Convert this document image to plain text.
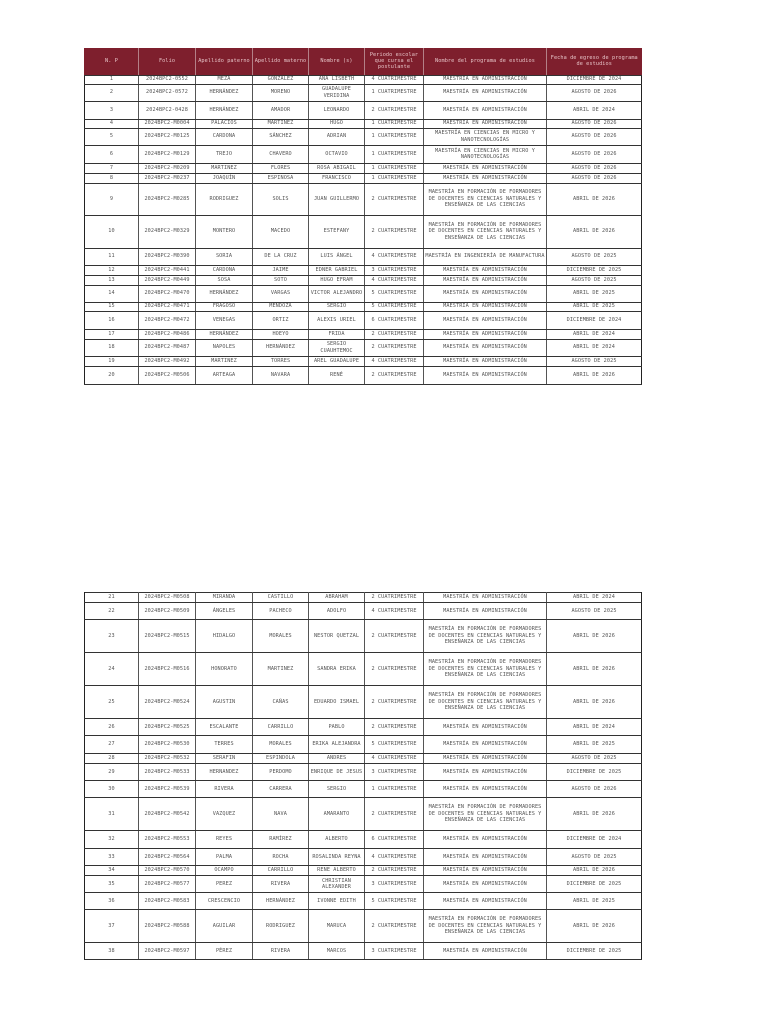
N. P	Folio	Apellido paterno	Apellido materno	Nombre (s)	Periodo escolar que cursa el postulante	Nombre del programa de estudios	Fecha de egreso de programa de estudios
1	2024BPC2-0552	MEZA	GONZALEZ	ANA LISBETH	4 CUATRIMESTRE	MAESTRÍA EN ADMINISTRACIÓN	DICIEMBRE DE 2024
2	2024BPC2-0572	HERNÁNDEZ	MORENO	GUADALUPE VERIDINA	1 CUATRIMESTRE	MAESTRÍA EN ADMINISTRACIÓN	AGOSTO DE 2026
3	2024BPC2-0428	HERNÁNDEZ	AMADOR	LEONARDO	2 CUATRIMESTRE	MAESTRÍA EN ADMINISTRACIÓN	ABRIL DE 2024
4	2024BPC2-M0004	PALACIOS	MARTÍNEZ	HUGO	1 CUATRIMESTRE	MAESTRÍA EN ADMINISTRACIÓN	AGOSTO DE 2026
5	2024BPC2-M0125	CARDONA	SÁNCHEZ	ADRIAN	1 CUATRIMESTRE	MAESTRÍA EN CIENCIAS EN MICRO Y NANOTECNOLOGÍAS	AGOSTO DE 2026
6	2024BPC2-M0129	TREJO	CHAVERO	OCTAVIO	1 CUATRIMESTRE	MAESTRÍA EN CIENCIAS EN MICRO Y NANOTECNOLOGÍAS	AGOSTO DE 2026
7	2024BPC2-M0209	MARTINEZ	FLORES	ROSA ABIGAIL	1 CUATRIMESTRE	MAESTRÍA EN ADMINISTRACIÓN	AGOSTO DE 2026
8	2024BPC2-M0237	JOAQUÍN	ESPINOSA	FRANCISCO	1 CUATRIMESTRE	MAESTRÍA EN ADMINISTRACIÓN	AGOSTO DE 2026
9	2024BPC2-M0285	RODRIGUEZ	SOLIS	JUAN GUILLERMO	2 CUATRIMESTRE	MAESTRÍA EN FORMACIÓN DE FORMADORES DE DOCENTES EN CIENCIAS NATURALES Y ENSEÑANZA DE LAS CIENCIAS	ABRIL DE 2026
10	2024BPC2-M0329	MONTERO	MACEDO	ESTEFANY	2 CUATRIMESTRE	MAESTRÍA EN FORMACIÓN DE FORMADORES DE DOCENTES EN CIENCIAS NATURALES Y ENSEÑANZA DE LAS CIENCIAS	ABRIL DE 2026
11	2024BPC2-M0390	SORIA	DE LA CRUZ	LUIS ÁNGEL	4 CUATRIMESTRE	MAESTRÍA EN INGENIERÍA DE MANUFACTURA	AGOSTO DE 2025
12	2024BPC2-M0441	CARDONA	JAIME	EDNER GABRIEL	3 CUATRIMESTRE	MAESTRÍA EN ADMINISTRACIÓN	DICIEMBRE DE 2025
13	2024BPC2-M0449	SOSA	SOTO	HUGO EFRAM	4 CUATRIMESTRE	MAESTRÍA EN ADMINISTRACIÓN	AGOSTO DE 2025
14	2024BPC2-M0470	HERNÁNDEZ	VARGAS	VICTOR ALEJANDRO	5 CUATRIMESTRE	MAESTRÍA EN ADMINISTRACIÓN	ABRIL DE 2025
15	2024BPC2-M0471	FRAGOSO	MENDOZA	SERGIO	5 CUATRIMESTRE	MAESTRÍA EN ADMINISTRACIÓN	ABRIL DE 2025
16	2024BPC2-M0472	VENEGAS	ORTIZ	ALEXIS URIEL	6 CUATRIMESTRE	MAESTRÍA EN ADMINISTRACIÓN	DICIEMBRE DE 2024
17	2024BPC2-M0486	HERNÁNDEZ	HOEYO	FRIDA	2 CUATRIMESTRE	MAESTRÍA EN ADMINISTRACIÓN	ABRIL DE 2024
18	2024BPC2-M0487	NAPOLES	HERNÁNDEZ	SERGIO CUAUHTEMOC	2 CUATRIMESTRE	MAESTRÍA EN ADMINISTRACIÓN	ABRIL DE 2024
19	2024BPC2-M0492	MARTINEZ	TORRES	AREL GUADALUPE	4 CUATRIMESTRE	MAESTRÍA EN ADMINISTRACIÓN	AGOSTO DE 2025
20	2024BPC2-M0506	ARTEAGA	NAVARA	RENÉ	2 CUATRIMESTRE	MAESTRÍA EN ADMINISTRACIÓN	ABRIL DE 2026
21	2024BPC2-M0508	MIRANDA	CASTILLO	ABRAHAM	2 CUATRIMESTRE	MAESTRÍA EN ADMINISTRACIÓN	ABRIL DE 2024
22	2024BPC2-M0509	ÁNGELES	PACHECO	ADOLFO	4 CUATRIMESTRE	MAESTRÍA EN ADMINISTRACIÓN	AGOSTO DE 2025
23	2024BPC2-M0515	HIDALGO	MORALES	NESTOR QUETZAL	2 CUATRIMESTRE	MAESTRÍA EN FORMACIÓN DE FORMADORES DE DOCENTES EN CIENCIAS NATURALES Y ENSEÑANZA DE LAS CIENCIAS	ABRIL DE 2026
24	2024BPC2-M0516	HONORATO	MARTINEZ	SANDRA ERIKA	2 CUATRIMESTRE	MAESTRÍA EN FORMACIÓN DE FORMADORES DE DOCENTES EN CIENCIAS NATURALES Y ENSEÑANZA DE LAS CIENCIAS	ABRIL DE 2026
25	2024BPC2-M0524	AGUSTIN	CAÑAS	EDUARDO ISMAEL	2 CUATRIMESTRE	MAESTRÍA EN FORMACIÓN DE FORMADORES DE DOCENTES EN CIENCIAS NATURALES Y ENSEÑANZA DE LAS CIENCIAS	ABRIL DE 2026
26	2024BPC2-M0525	ESCALANTE	CARRILLO	PABLO	2 CUATRIMESTRE	MAESTRÍA EN ADMINISTRACIÓN	ABRIL DE 2024
27	2024BPC2-M0530	TERRES	MORALES	ERIKA ALEJANDRA	5 CUATRIMESTRE	MAESTRÍA EN ADMINISTRACIÓN	ABRIL DE 2025
28	2024BPC2-M0532	SERAFIN	ESPINDOLA	ANDRES	4 CUATRIMESTRE	MAESTRÍA EN ADMINISTRACIÓN	AGOSTO DE 2025
29	2024BPC2-M0533	HERNANDEZ	PERDOMO	ENRIQUE DE JESUS	3 CUATRIMESTRE	MAESTRÍA EN ADMINISTRACIÓN	DICIEMBRE DE 2025
30	2024BPC2-M0539	RIVERA	CARRERA	SERGIO	1 CUATRIMESTRE	MAESTRÍA EN ADMINISTRACIÓN	AGOSTO DE 2026
31	2024BPC2-M0542	VAZQUEZ	NAVA	AMARANTO	2 CUATRIMESTRE	MAESTRÍA EN FORMACIÓN DE FORMADORES DE DOCENTES EN CIENCIAS NATURALES Y ENSEÑANZA DE LAS CIENCIAS	ABRIL DE 2026
32	2024BPC2-M0553	REYES	RAMÍREZ	ALBERTO	6 CUATRIMESTRE	MAESTRÍA EN ADMINISTRACIÓN	DICIEMBRE DE 2024
33	2024BPC2-M0564	PALMA	ROCHA	ROSALINDA REYNA	4 CUATRIMESTRE	MAESTRÍA EN ADMINISTRACIÓN	AGOSTO DE 2025
34	2024BPC2-M0570	OCAMPO	CARRILLO	RENE ALBERTO	2 CUATRIMESTRE	MAESTRÍA EN ADMINISTRACIÓN	ABRIL DE 2026
35	2024BPC2-M0577	PEREZ	RIVERA	CHRISTIAN ALEXANDER	3 CUATRIMESTRE	MAESTRÍA EN ADMINISTRACIÓN	DICIEMBRE DE 2025
36	2024BPC2-M0583	CRESCENCIO	HERNÁNDEZ	IVONNE EDITH	5 CUATRIMESTRE	MAESTRÍA EN ADMINISTRACIÓN	ABRIL DE 2025
37	2024BPC2-M0588	AGUILAR	RODRIGUEZ	MARUCA	2 CUATRIMESTRE	MAESTRÍA EN FORMACIÓN DE FORMADORES DE DOCENTES EN CIENCIAS NATURALES Y ENSEÑANZA DE LAS CIENCIAS	ABRIL DE 2026
38	2024BPC2-M0597	PÉREZ	RIVERA	MARCOS	3 CUATRIMESTRE	MAESTRÍA EN ADMINISTRACIÓN	DICIEMBRE DE 2025
